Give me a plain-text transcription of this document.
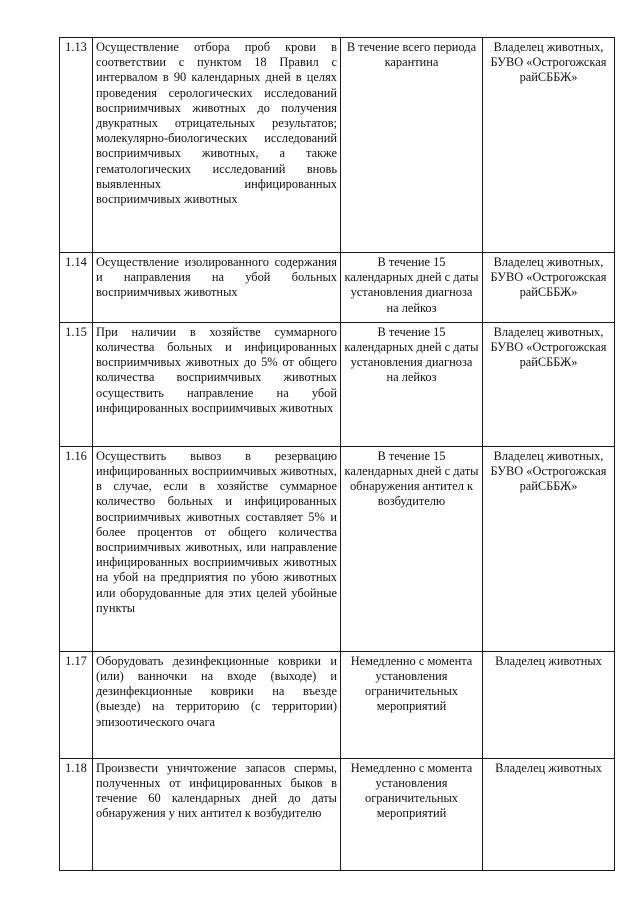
1.13	Осуществление отбора проб крови в соответствии с пунктом 18 Правил с интервалом в 90 календарных дней в целях проведения серологических исследований восприимчивых животных до получения двукратных отрицательных результатов; молекулярно-биологических исследований восприимчивых животных, а также гематологических исследований вновь выявленных инфицированных восприимчивых животных	В течение всего периода карантина	Владелец животных, БУВО «Острогожская райСББЖ»
1.14	Осуществление изолированного содержания и направления на убой больных восприимчивых животных	В течение 15 календарных дней с даты установления диагноза на лейкоз	Владелец животных, БУВО «Острогожская райСББЖ»
1.15	При наличии в хозяйстве суммарного количества больных и инфицированных восприимчивых животных до 5% от общего количества восприимчивых животных осуществить направление на убой инфицированных восприимчивых животных	В течение 15 календарных дней с даты установления диагноза на лейкоз	Владелец животных, БУВО «Острогожская райСББЖ»
1.16	Осуществить вывоз в резервацию инфицированных восприимчивых животных, в случае, если в хозяйстве суммарное количество больных и инфицированных восприимчивых животных составляет 5% и более процентов от общего количества восприимчивых животных, или направление инфицированных восприимчивых животных на убой на предприятия по убою животных или оборудованные для этих целей убойные пункты	В течение 15 календарных дней с даты обнаружения антител к возбудителю	Владелец животных, БУВО «Острогожская райСББЖ»
1.17	Оборудовать дезинфекционные коврики и (или) ванночки на входе (выходе) и дезинфекционные коврики на въезде (выезде) на территорию (с территории) эпизоотического очага	Немедленно с момента установления ограничительных мероприятий	Владелец животных
1.18	Произвести уничтожение запасов спермы, полученных от инфицированных быков в течение 60 календарных дней до даты обнаружения у них антител к возбудителю	Немедленно с момента установления ограничительных мероприятий	Владелец животных
